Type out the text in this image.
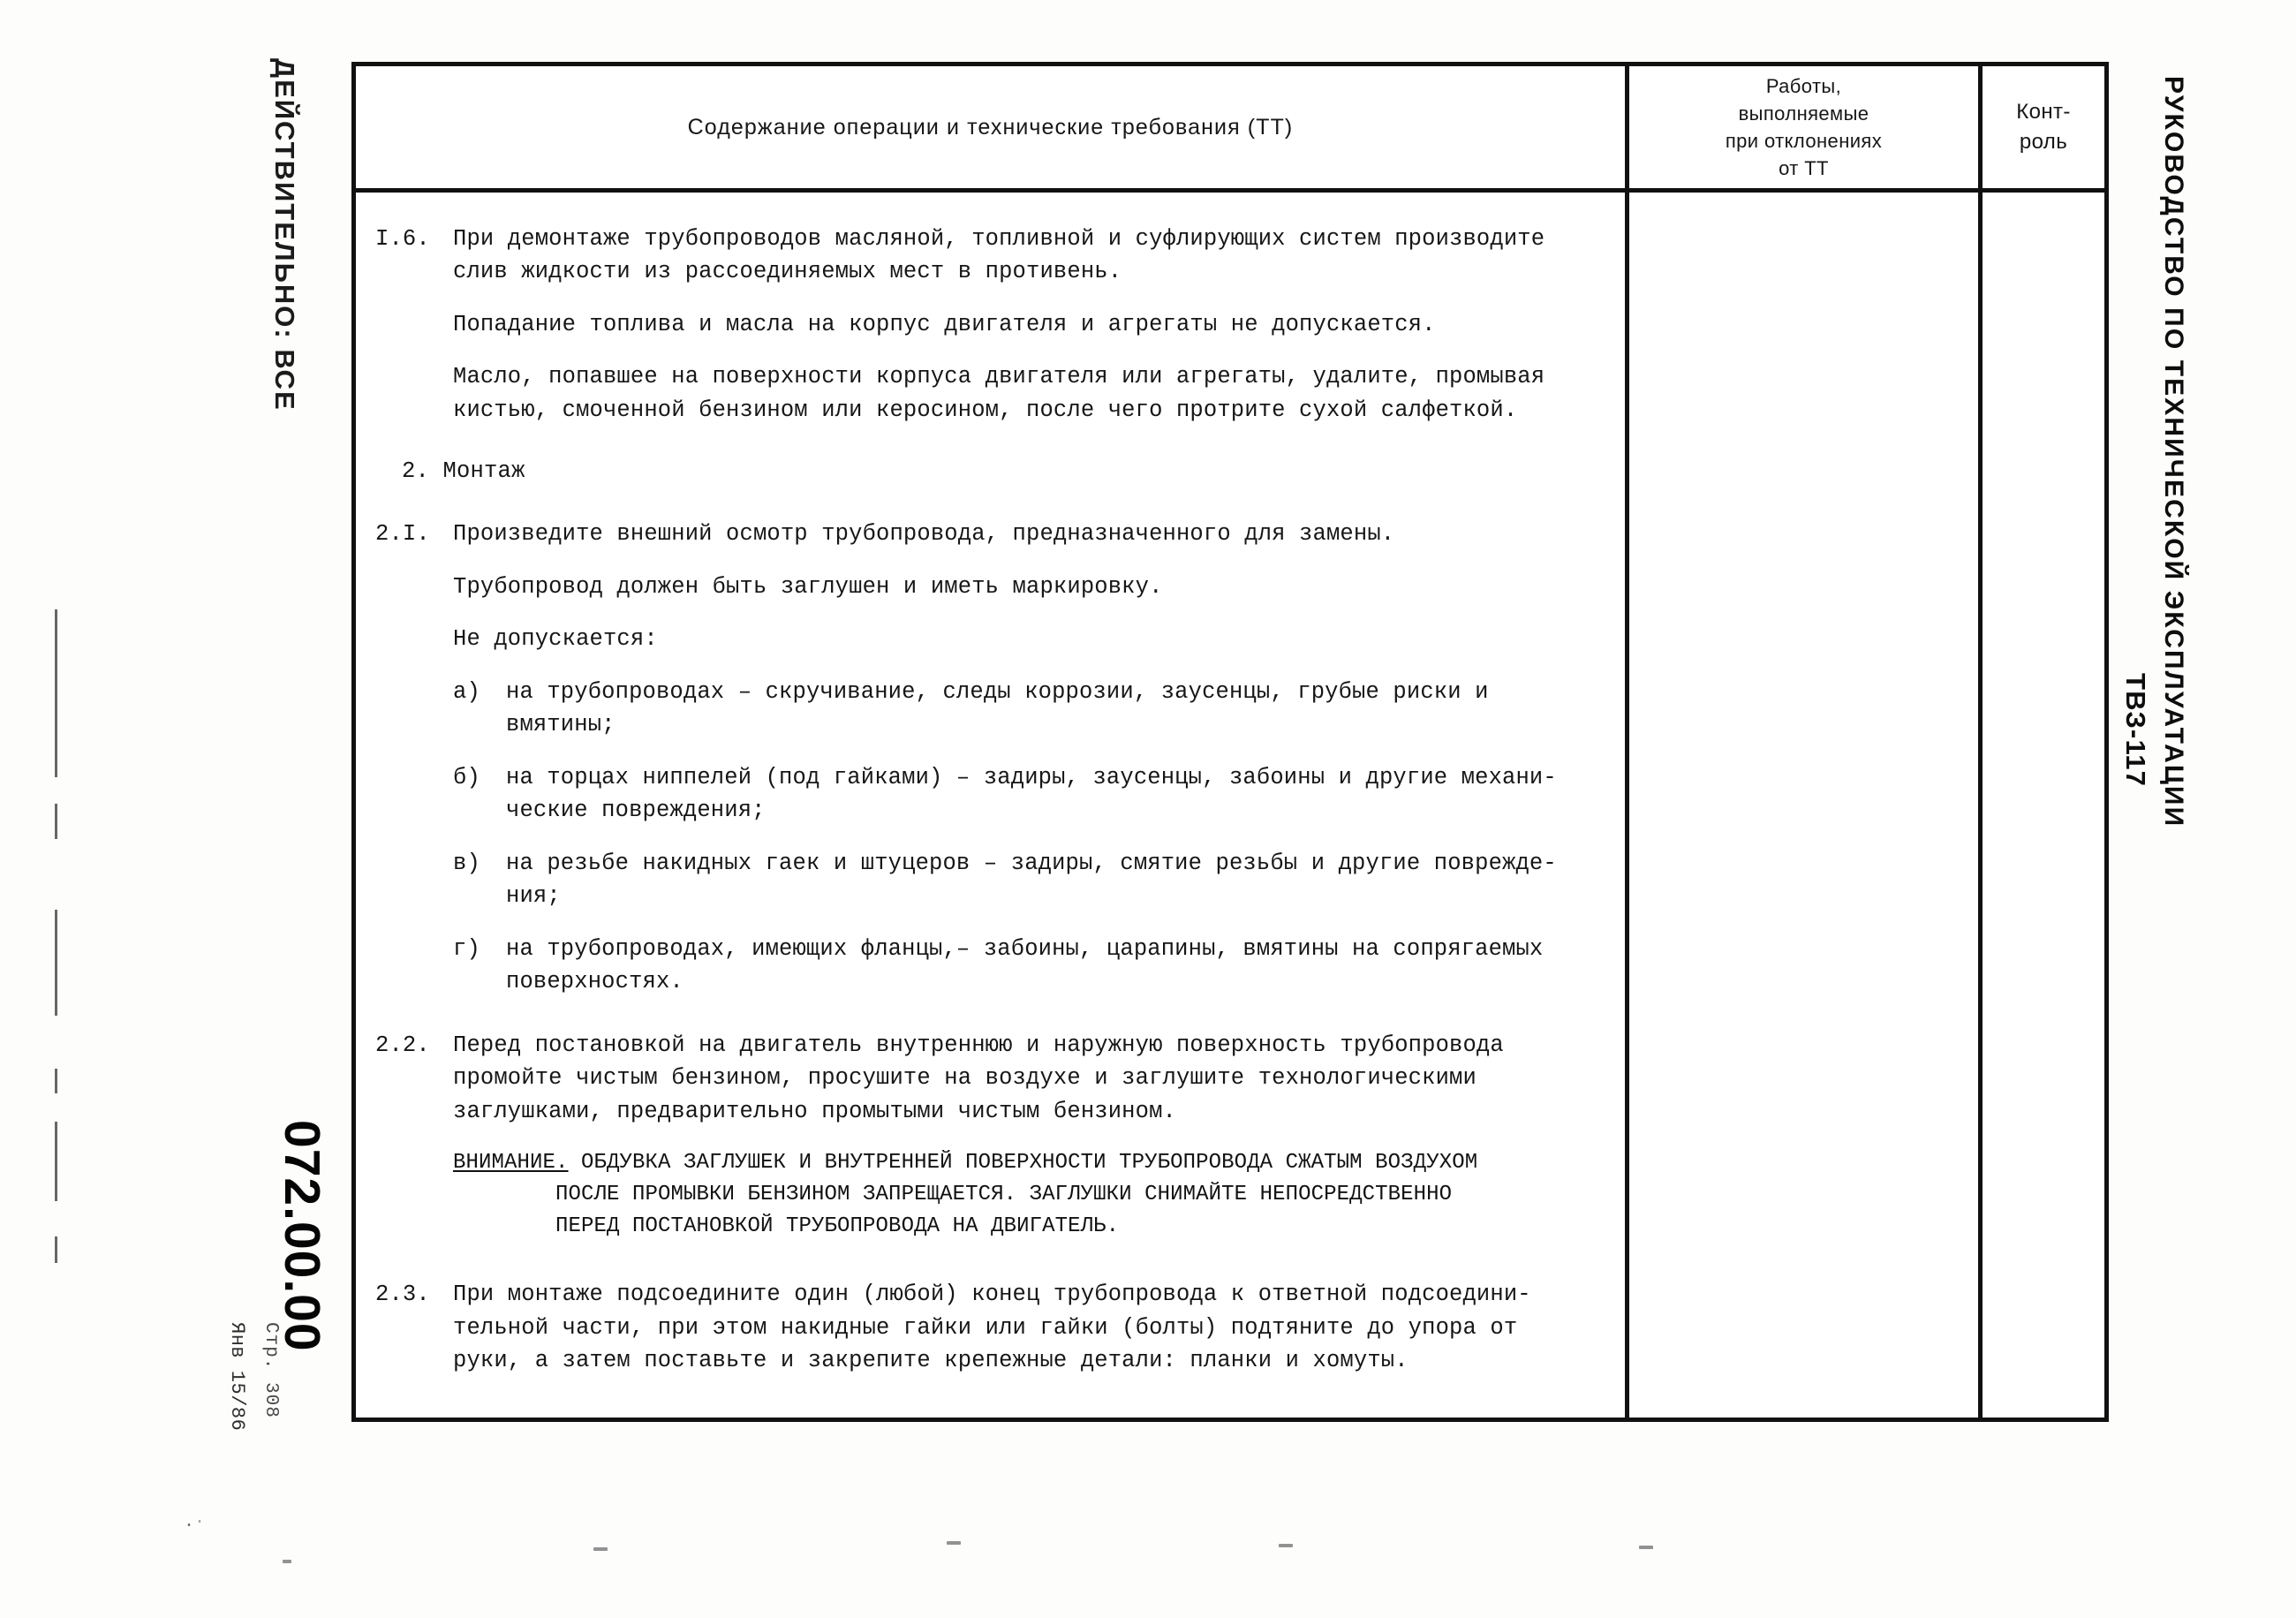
ДЕЙСТВИТЕЛЬНО: ВСЕ
072.00.00
Стр. 308
Янв 15/86
РУКОВОДСТВО ПО ТЕХНИЧЕСКОЙ ЭКСПЛУАТАЦИИ
ТВЗ-117
Содержание операции и технические требования (ТТ)
Работы,
выполняемые
при отклонениях
от ТТ
Конт-
роль
I.6.	При демонтаже трубопроводов масляной, топливной и суфлирующих систем производите
слив жидкости из рассоединяемых мест в противень.
Попадание топлива и масла на корпус двигателя и агрегаты не допускается.
Масло, попавшее на поверхности корпуса двигателя или агрегаты, удалите, промывая
кистью, смоченной бензином или керосином, после чего протрите сухой салфеткой.
2. Монтаж
2.I.	Произведите внешний осмотр трубопровода, предназначенного для замены.
Трубопровод должен быть заглушен и иметь маркировку.
Не допускается:
а)	на трубопроводах – скручивание, следы коррозии, заусенцы, грубые риски и
вмятины;
б)	на торцах ниппелей (под гайками) – задиры, заусенцы, забоины и другие механи-
ческие повреждения;
в)	на резьбе накидных гаек и штуцеров – задиры, смятие резьбы и другие поврежде-
ния;
г)	на трубопроводах, имеющих фланцы,– забоины, царапины, вмятины на сопрягаемых
поверхностях.
2.2.	Перед постановкой на двигатель внутреннюю и наружную поверхность трубопровода
промойте чистым бензином, просушите на воздухе и заглушите технологическими
заглушками, предварительно промытыми чистым бензином.
ВНИМАНИЕ. ОБДУВКА ЗАГЛУШЕК И ВНУТРЕННЕЙ ПОВЕРХНОСТИ ТРУБОПРОВОДА СЖАТЫМ ВОЗДУХОМ
ПОСЛЕ ПРОМЫВКИ БЕНЗИНОМ ЗАПРЕЩАЕТСЯ. ЗАГЛУШКИ СНИМАЙТЕ НЕПОСРЕДСТВЕННО
ПЕРЕД ПОСТАНОВКОЙ ТРУБОПРОВОДА НА ДВИГАТЕЛЬ.
2.3.	При монтаже подсоедините один (любой) конец трубопровода к ответной подсоедини-
тельной части, при этом накидные гайки или гайки (болты) подтяните до упора от
руки, а затем поставьте и закрепите крепежные детали: планки и хомуты.
.·
